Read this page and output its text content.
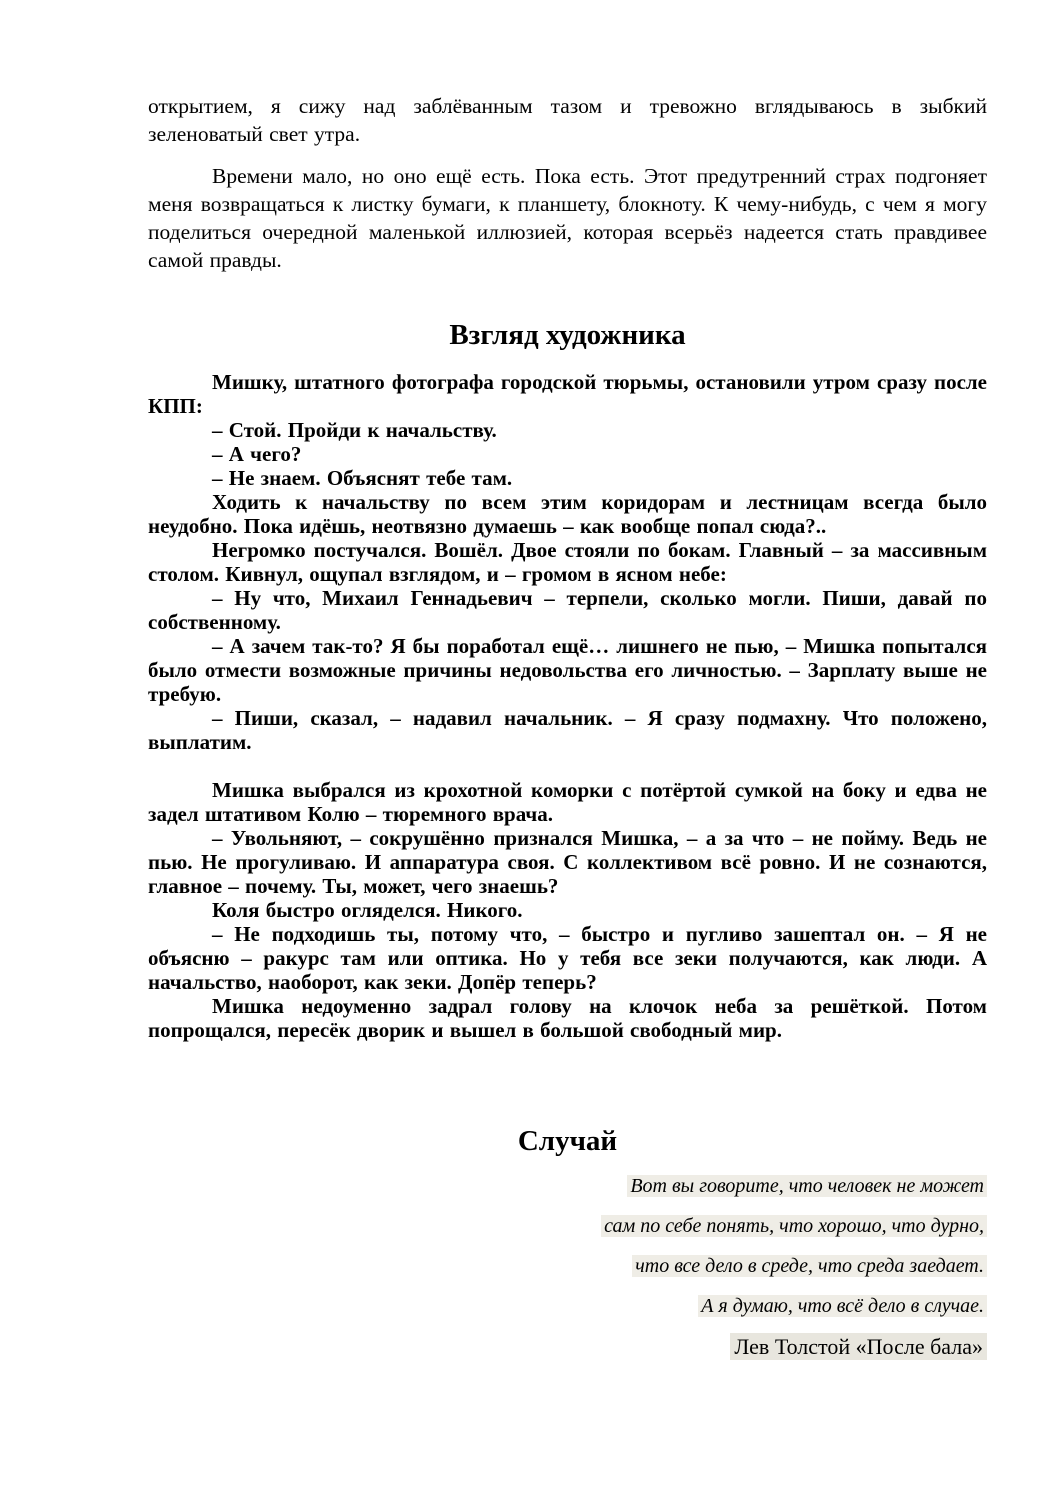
открытием, я сижу над заблёванным тазом и тревожно вглядываюсь в зыбкий зеленоватый свет утра.

Времени мало, но оно ещё есть. Пока есть. Этот предутренний страх подгоняет меня возвращаться к листку бумаги, к планшету, блокноту. К чему-нибудь, с чем я могу поделиться очередной маленькой иллюзией, которая всерьёз надеется стать правдивее самой правды.

Взгляд художника

Мишку, штатного фотографа городской тюрьмы, остановили утром сразу после КПП:

– Стой. Пройди к начальству.

– А чего?

– Не знаем. Объяснят тебе там.

Ходить к начальству по всем этим коридорам и лестницам всегда было неудобно. Пока идёшь, неотвязно думаешь – как вообще попал сюда?..

Негромко постучался. Вошёл. Двое стояли по бокам. Главный – за массивным столом. Кивнул, ощупал взглядом, и – громом в ясном небе:

– Ну что, Михаил Геннадьевич – терпели, сколько могли. Пиши, давай по собственному.

– А зачем так-то? Я бы поработал ещё… лишнего не пью, – Мишка попытался было отмести возможные причины недовольства его личностью. – Зарплату выше не требую.

– Пиши, сказал, – надавил начальник. – Я сразу подмахну. Что положено, выплатим.

Мишка выбрался из крохотной коморки с потёртой сумкой на боку и едва не задел штативом Колю – тюремного врача.

– Увольняют, – сокрушённо признался Мишка, – а за что – не пойму. Ведь не пью. Не прогуливаю. И аппаратура своя. С коллективом всё ровно. И не сознаются, главное – почему. Ты, может, чего знаешь?

Коля быстро огляделся. Никого.

– Не подходишь ты, потому что, – быстро и пугливо зашептал он. – Я не объясню – ракурс там или оптика. Но у тебя все зеки получаются, как люди. А начальство, наоборот, как зеки. Допёр теперь?

Мишка недоуменно задрал голову на клочок неба за решёткой. Потом попрощался, пересёк дворик и вышел в большой свободный мир.

Случай
Вот вы говорите, что человек не может
сам по себе понять, что хорошо, что дурно,
что все дело в среде, что среда заедает.
А я думаю, что всё дело в случае.
Лев Толстой «После бала»
